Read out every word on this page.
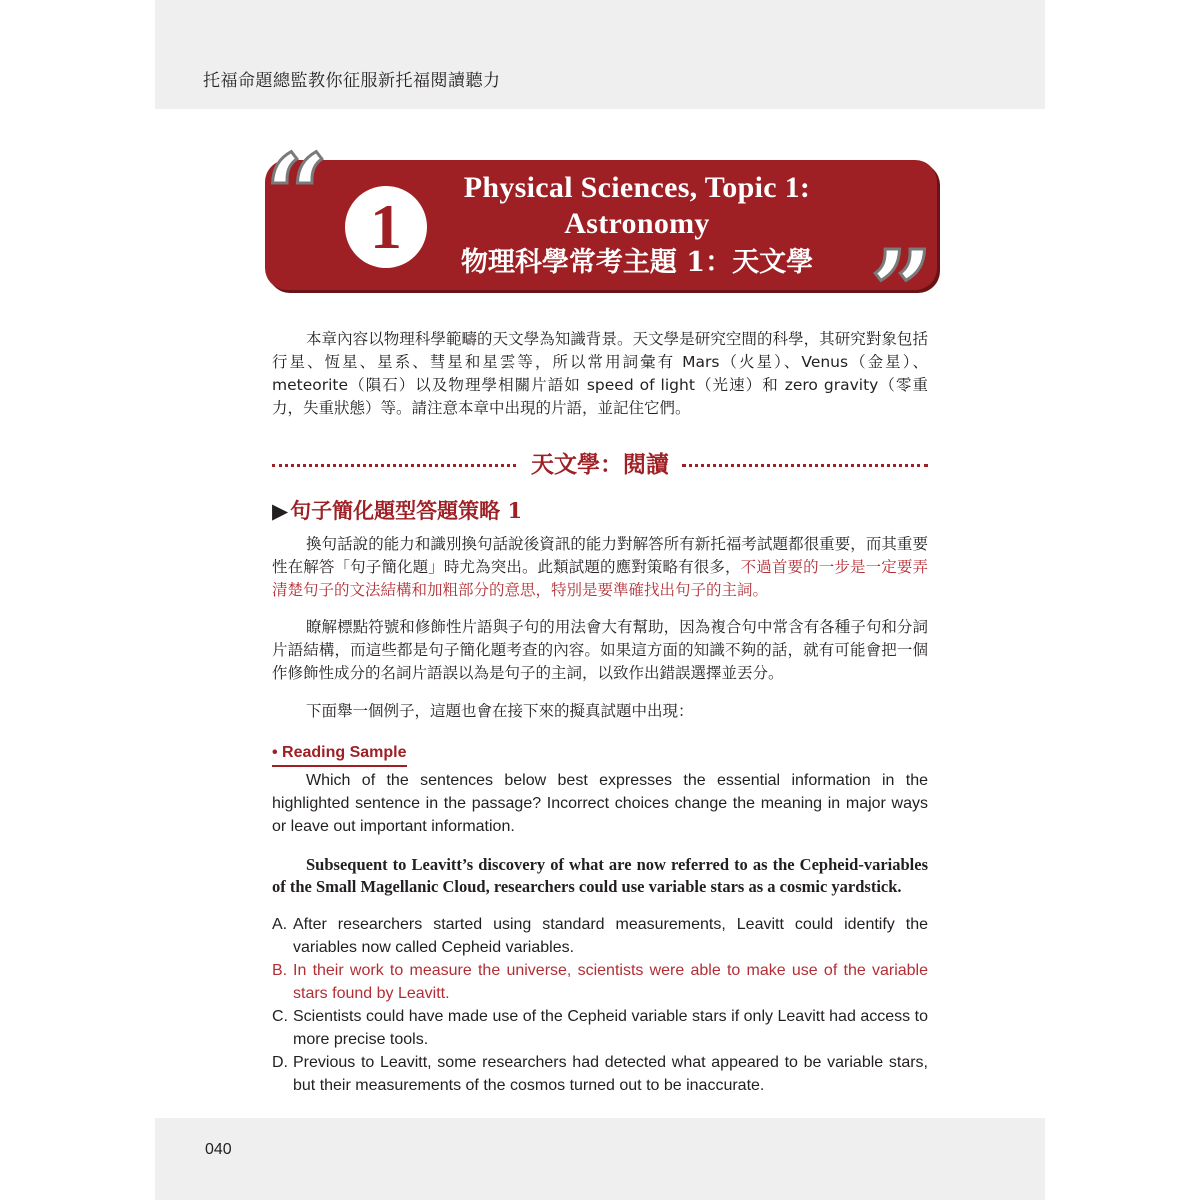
托福命題總監教你征服新托福閱讀聽力
“
”
1
Physical Sciences, Topic 1:
Astronomy
物理科學常考主題 1：天文學
本章內容以物理科學範疇的天文學為知識背景。天文學是研究空間的科學，其研究對象包括行星、恆星、星系、彗星和星雲等，所以常用詞彙有 Mars（火星）、Venus（金星）、meteorite（隕石）以及物理學相關片語如 speed of light（光速）和 zero gravity（零重力，失重狀態）等。請注意本章中出現的片語，並記住它們。
天文學：閱讀
▶句子簡化題型答題策略 1
換句話說的能力和識別換句話說後資訊的能力對解答所有新托福考試題都很重要，而其重要性在解答「句子簡化題」時尤為突出。此類試題的應對策略有很多，不過首要的一步是一定要弄清楚句子的文法結構和加粗部分的意思，特別是要準確找出句子的主詞。
瞭解標點符號和修飾性片語與子句的用法會大有幫助，因為複合句中常含有各種子句和分詞片語結構，而這些都是句子簡化題考查的內容。如果這方面的知識不夠的話，就有可能會把一個作修飾性成分的名詞片語誤以為是句子的主詞，以致作出錯誤選擇並丟分。
下面舉一個例子，這題也會在接下來的擬真試題中出現：
• Reading Sample
Which of the sentences below best expresses the essential information in the highlighted sentence in the passage? Incorrect choices change the meaning in major ways or leave out important information.
Subsequent to Leavitt’s discovery of what are now referred to as the Cepheid-variables of the Small Magellanic Cloud, researchers could use variable stars as a cosmic yardstick.
A. After researchers started using standard measurements, Leavitt could identify the variables now called Cepheid variables.
B. In their work to measure the universe, scientists were able to make use of the variable stars found by Leavitt.
C. Scientists could have made use of the Cepheid variable stars if only Leavitt had access to more precise tools.
D. Previous to Leavitt, some researchers had detected what appeared to be variable stars, but their measurements of the cosmos turned out to be inaccurate.
040
